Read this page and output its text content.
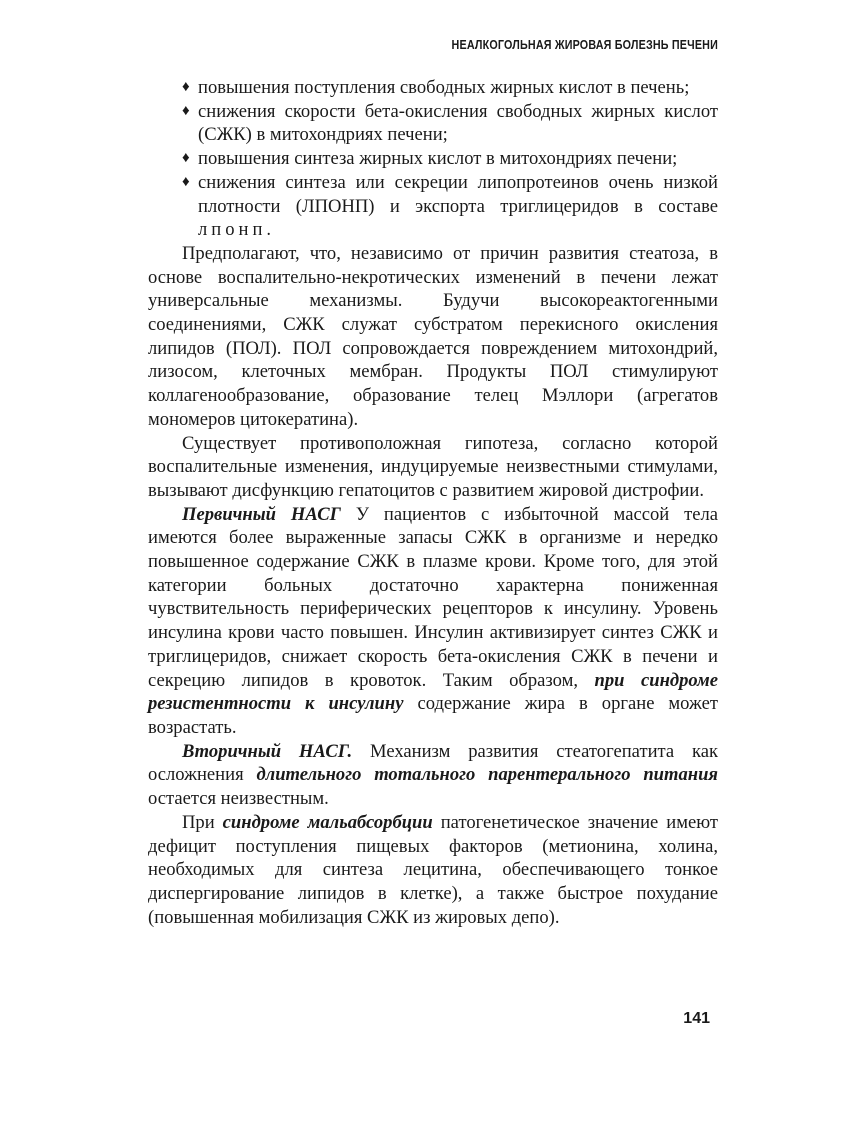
НЕАЛКОГОЛЬНАЯ ЖИРОВАЯ БОЛЕЗНЬ ПЕЧЕНИ
♦ повышения поступления свободных жирных кислот в печень;
♦ снижения скорости бета-окисления свободных жирных кислот (СЖК) в митохондриях печени;
♦ повышения синтеза жирных кислот в митохондриях печени;
♦ снижения синтеза или секреции липопротеинов очень низкой плотности (ЛПОНП) и экспорта триглицеридов в составе лпонп.

Предполагают, что, независимо от причин развития стеатоза, в основе воспалительно-некротических изменений в печени лежат универсальные механизмы. Будучи высокореактогенными соединениями, СЖК служат субстратом перекисного окисления липидов (ПОЛ). ПОЛ сопровождается повреждением митохондрий, лизосом, клеточных мембран. Продукты ПОЛ стимулируют коллагенообразование, образование телец Мэллори (агрегатов мономеров цитокератина).

Существует противоположная гипотеза, согласно которой воспалительные изменения, индуцируемые неизвестными стимулами, вызывают дисфункцию гепатоцитов с развитием жировой дистрофии.

Первичный НАСГ У пациентов с избыточной массой тела имеются более выраженные запасы СЖК в организме и нередко повышенное содержание СЖК в плазме крови. Кроме того, для этой категории больных достаточно характерна пониженная чувствительность периферических рецепторов к инсулину. Уровень инсулина крови часто повышен. Инсулин активизирует синтез СЖК и триглицеридов, снижает скорость бета-окисления СЖК в печени и секрецию липидов в кровоток. Таким образом, при синдроме резистентности к инсулину содержание жира в органе может возрастать.

Вторичный НАСГ. Механизм развития стеатогепатита как осложнения длительного тотального парентерального питания остается неизвестным.

При синдроме мальабсорбции патогенетическое значение имеют дефицит поступления пищевых факторов (метионина, холина, необходимых для синтеза лецитина, обеспечивающего тонкое диспергирование липидов в клетке), а также быстрое похудание (повышенная мобилизация СЖК из жировых депо).

141
